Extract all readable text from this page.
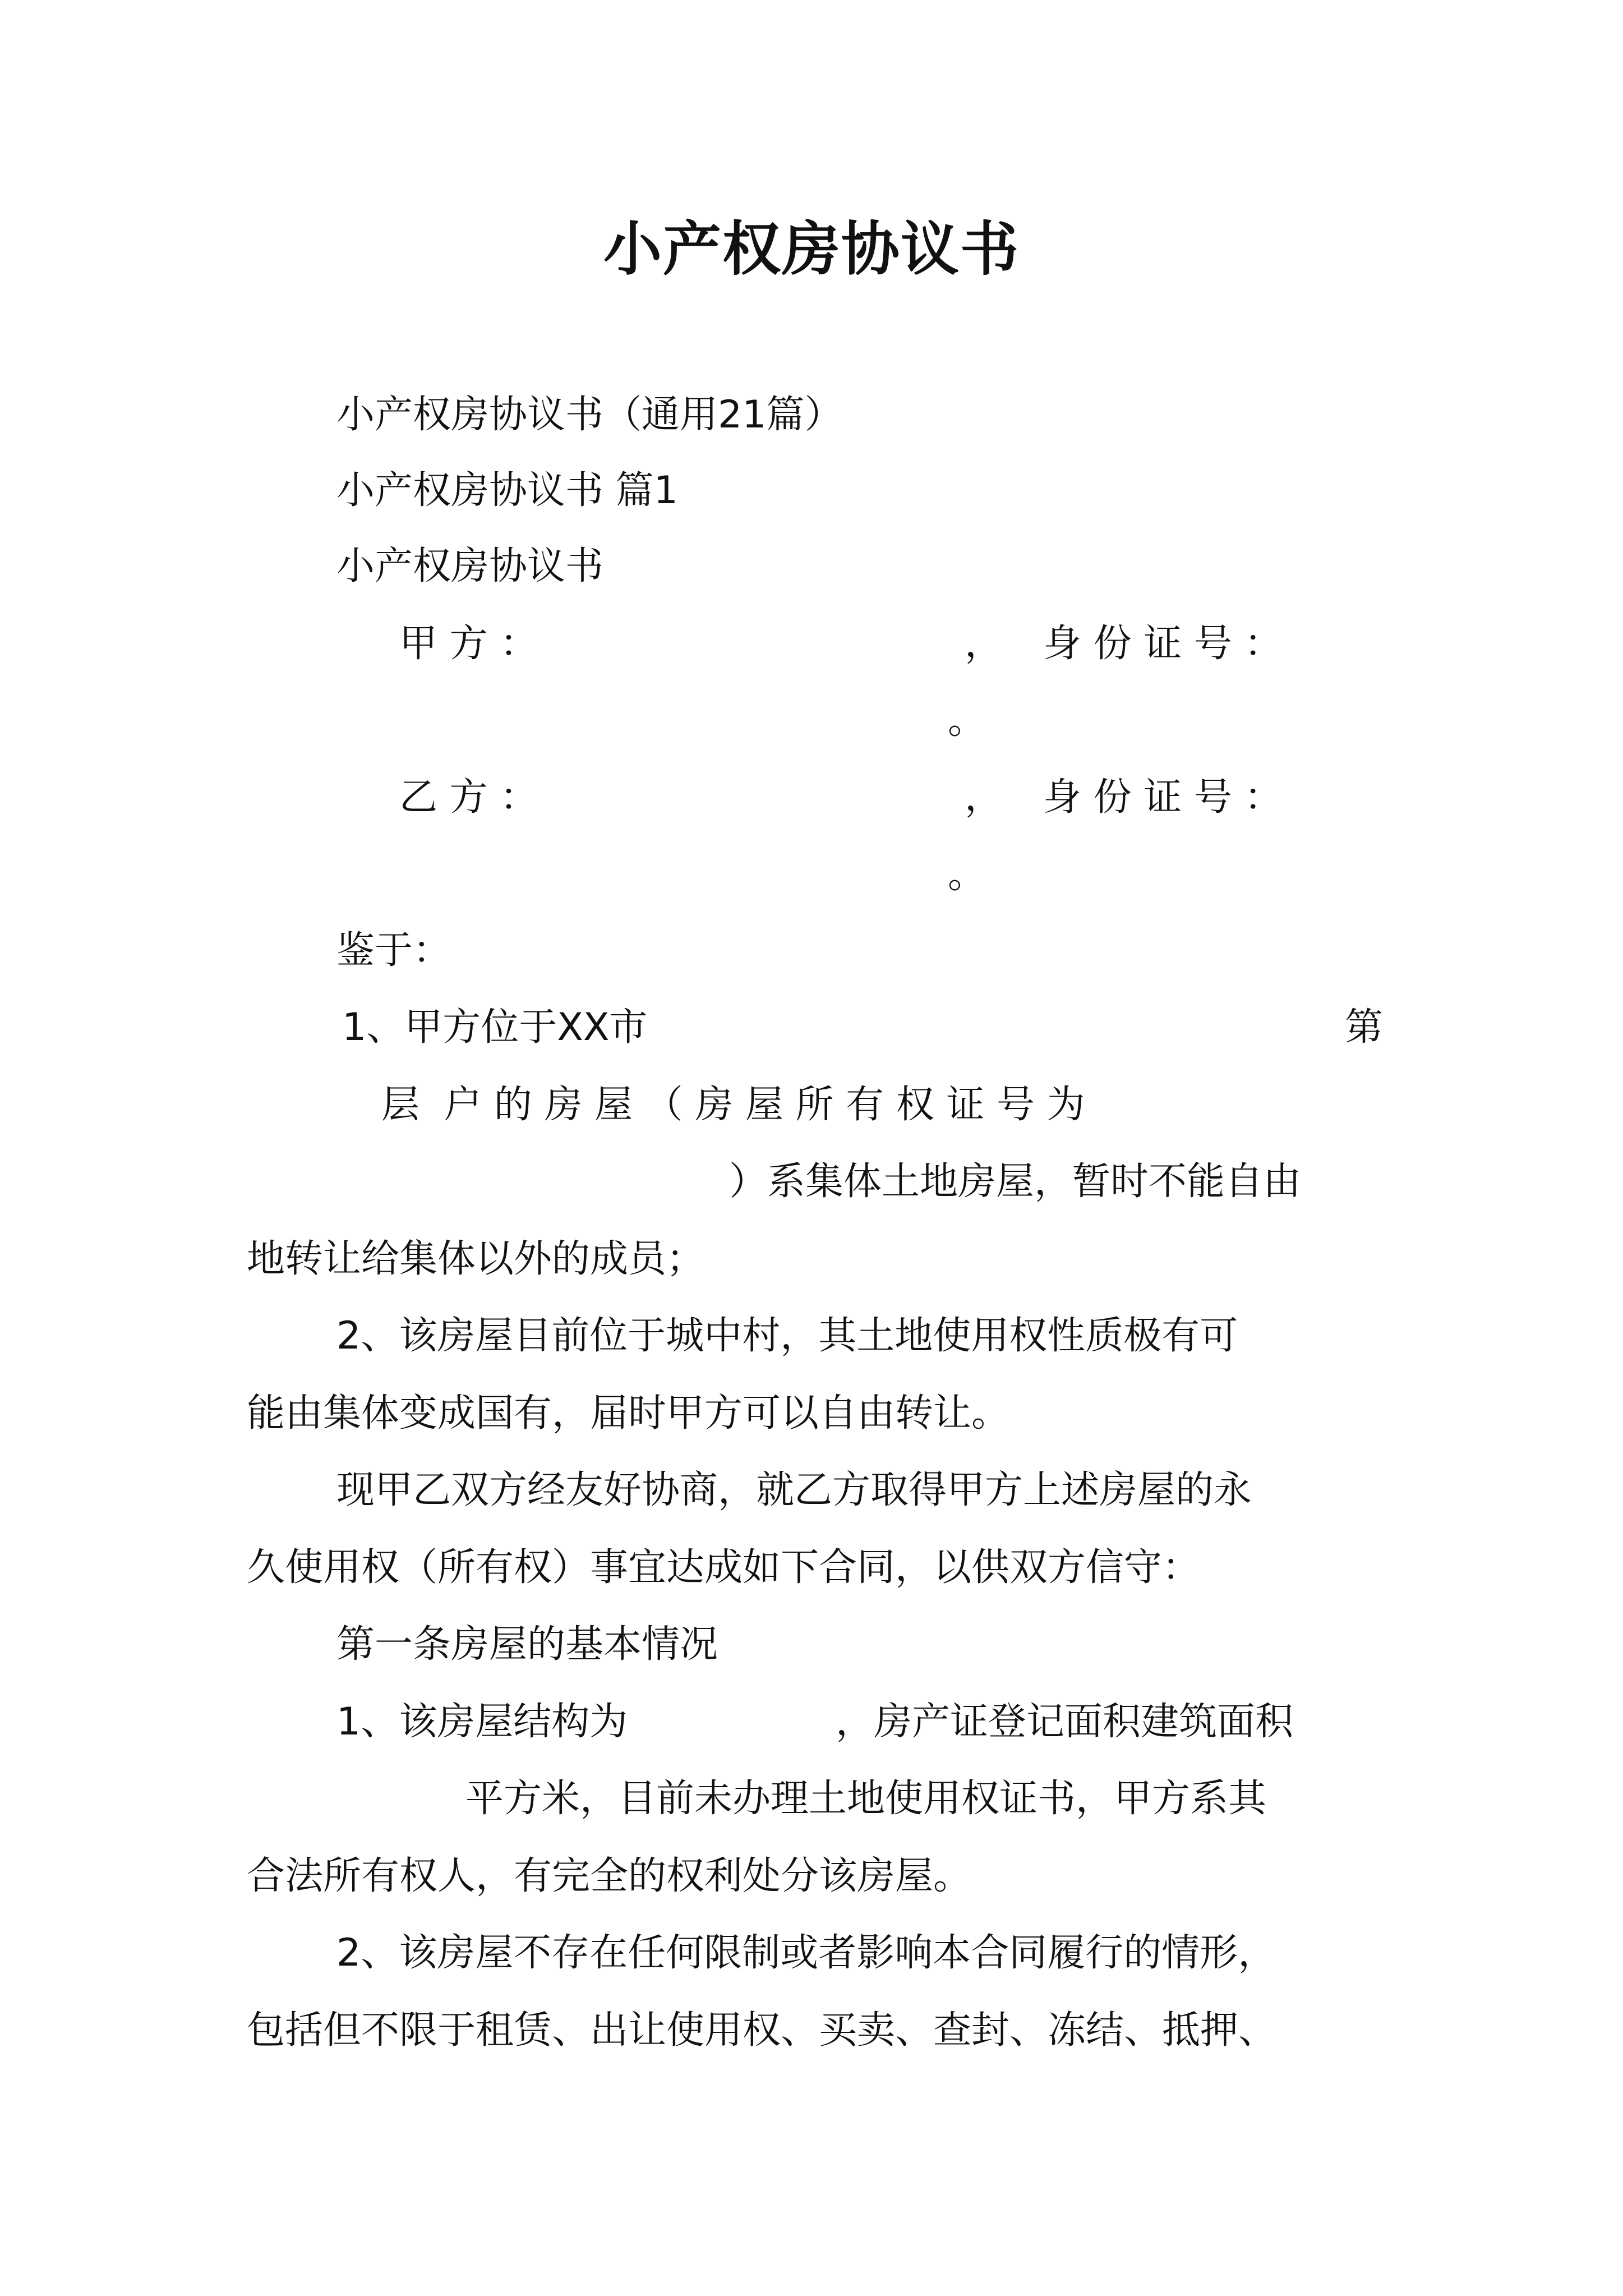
小产权房协议书
小产权房协议书（通用21篇）
小产权房协议书 篇1
小产权房协议书
甲 方 ：	， 身 份 证 号 ：
。
乙 方 ：	， 身 份 证 号 ：
。
鉴于：
1、甲方位于XX市	第
层  户 的 房 屋 （ 房 屋 所 有 权 证 号 为
）系集体土地房屋，暂时不能自由
地转让给集体以外的成员；
2、该房屋目前位于城中村，其土地使用权性质极有可
能由集体变成国有，届时甲方可以自由转让。
现甲乙双方经友好协商，就乙方取得甲方上述房屋的永
久使用权（所有权）事宜达成如下合同，以供双方信守：
第一条房屋的基本情况
1、该房屋结构为	，房产证登记面积建筑面积
平方米，目前未办理土地使用权证书，甲方系其
合法所有权人，有完全的权利处分该房屋。
2、该房屋不存在任何限制或者影响本合同履行的情形，
包括但不限于租赁、出让使用权、买卖、查封、冻结、抵押、
